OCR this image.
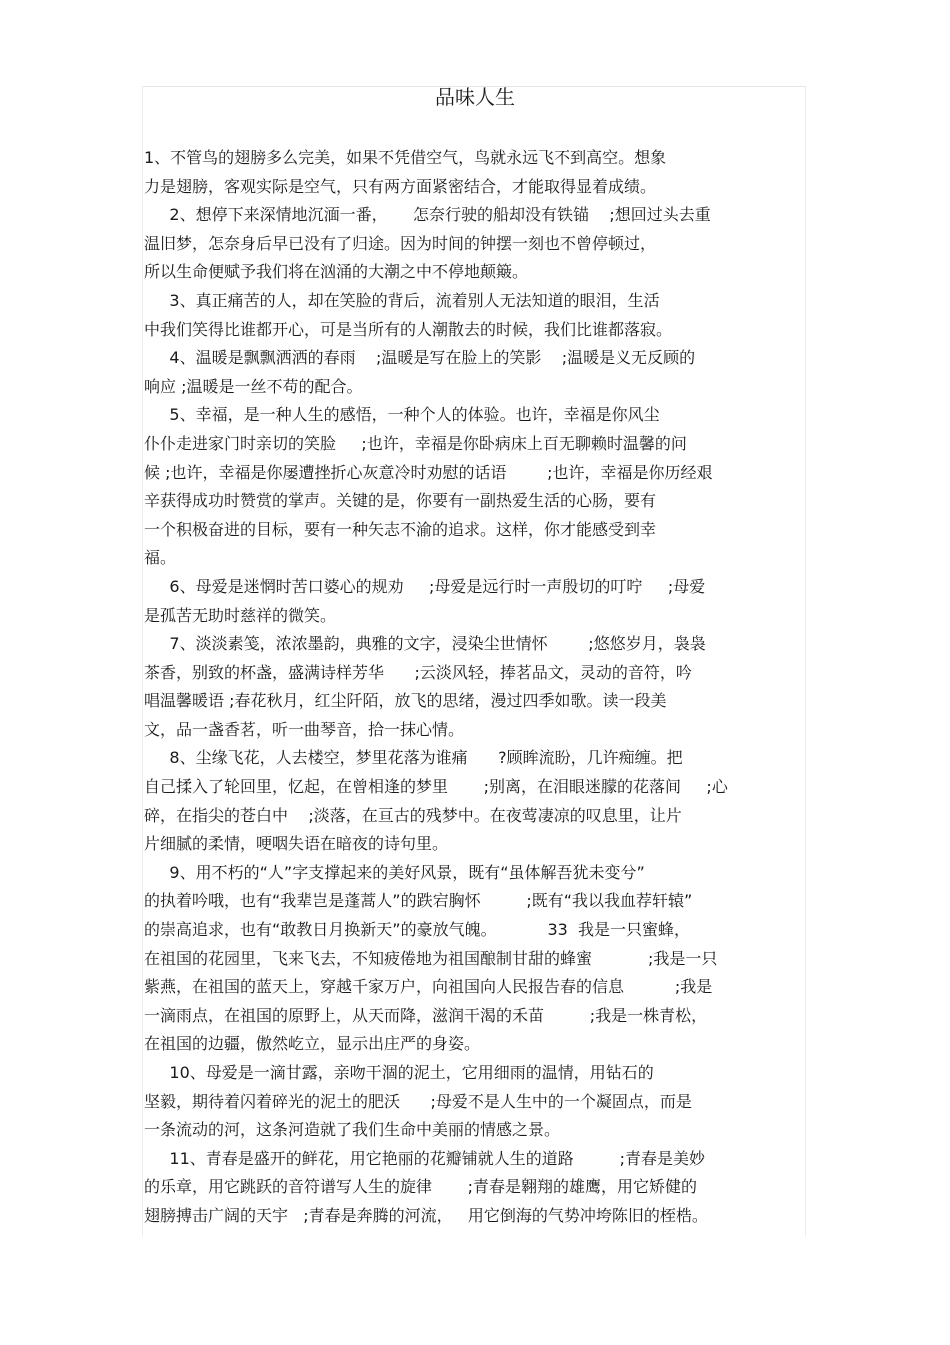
品味人生
1、不管鸟的翅膀多么完美，如果不凭借空气，鸟就永远飞不到高空。想象
力是翅膀，客观实际是空气，只有两方面紧密结合，才能取得显着成绩。
2、想停下来深情地沉湎一番，     怎奈行驶的船却没有铁锚    ;想回过头去重
温旧梦，怎奈身后早已没有了归途。因为时间的钟摆一刻也不曾停顿过，
所以生命便赋予我们将在汹涌的大潮之中不停地颠簸。
3、真正痛苦的人，却在笑脸的背后，流着别人无法知道的眼泪，生活
中我们笑得比谁都开心，可是当所有的人潮散去的时候，我们比谁都落寂。
4、温暖是飘飘洒洒的春雨    ;温暖是写在脸上的笑影    ;温暖是义无反顾的
响应 ;温暖是一丝不苟的配合。
5、幸福，是一种人生的感悟，一种个人的体验。也许，幸福是你风尘
仆仆走进家门时亲切的笑脸     ;也许，幸福是你卧病床上百无聊赖时温馨的问
候 ;也许，幸福是你屡遭挫折心灰意冷时劝慰的话语        ;也许，幸福是你历经艰
辛获得成功时赞赏的掌声。关键的是，你要有一副热爱生活的心肠，要有
一个积极奋进的目标，要有一种矢志不渝的追求。这样，你才能感受到幸
福。
6、母爱是迷惘时苦口婆心的规劝     ;母爱是远行时一声殷切的叮咛     ;母爱
是孤苦无助时慈祥的微笑。
7、淡淡素笺，浓浓墨韵，典雅的文字，浸染尘世情怀        ;悠悠岁月，袅袅
茶香，别致的杯盏，盛满诗样芳华      ;云淡风轻，捧茗品文，灵动的音符，吟
唱温馨暖语 ;春花秋月，红尘阡陌，放飞的思绪，漫过四季如歌。读一段美
文，品一盏香茗，听一曲琴音，拾一抹心情。
8、尘缘飞花，人去楼空，梦里花落为谁痛      ?顾眸流盼，几许痴缠。把
自己揉入了轮回里，忆起，在曾相逢的梦里       ;别离，在泪眼迷朦的花落间     ;心
碎，在指尖的苍白中    ;淡落，在亘古的残梦中。在夜莺凄凉的叹息里，让片
片细腻的柔情，哽咽失语在暗夜的诗句里。
9、用不朽的“人”字支撑起来的美好风景，既有“虽体解吾犹未变兮”
的执着吟哦，也有“我辈岂是蓬蒿人”的跌宕胸怀         ;既有“我以我血荐轩辕”
的崇高追求，也有“敢教日月换新天”的豪放气魄。          33  我是一只蜜蜂，
在祖国的花园里，飞来飞去，不知疲倦地为祖国酿制甘甜的蜂蜜           ;我是一只
紫燕，在祖国的蓝天上，穿越千家万户，向祖国向人民报告春的信息          ;我是
一滴雨点，在祖国的原野上，从天而降，滋润干渴的禾苗         ;我是一株青松，
在祖国的边疆，傲然屹立，显示出庄严的身姿。
10、母爱是一滴甘露，亲吻干涸的泥土，它用细雨的温情，用钻石的
坚毅，期待着闪着碎光的泥土的肥沃      ;母爱不是人生中的一个凝固点，而是
一条流动的河，这条河造就了我们生命中美丽的情感之景。
11、青春是盛开的鲜花，用它艳丽的花瓣铺就人生的道路         ;青春是美妙
的乐章，用它跳跃的音符谱写人生的旋律       ;青春是翱翔的雄鹰，用它矫健的
翅膀搏击广阔的天宇   ;青春是奔腾的河流，   用它倒海的气势冲垮陈旧的桎梏。
